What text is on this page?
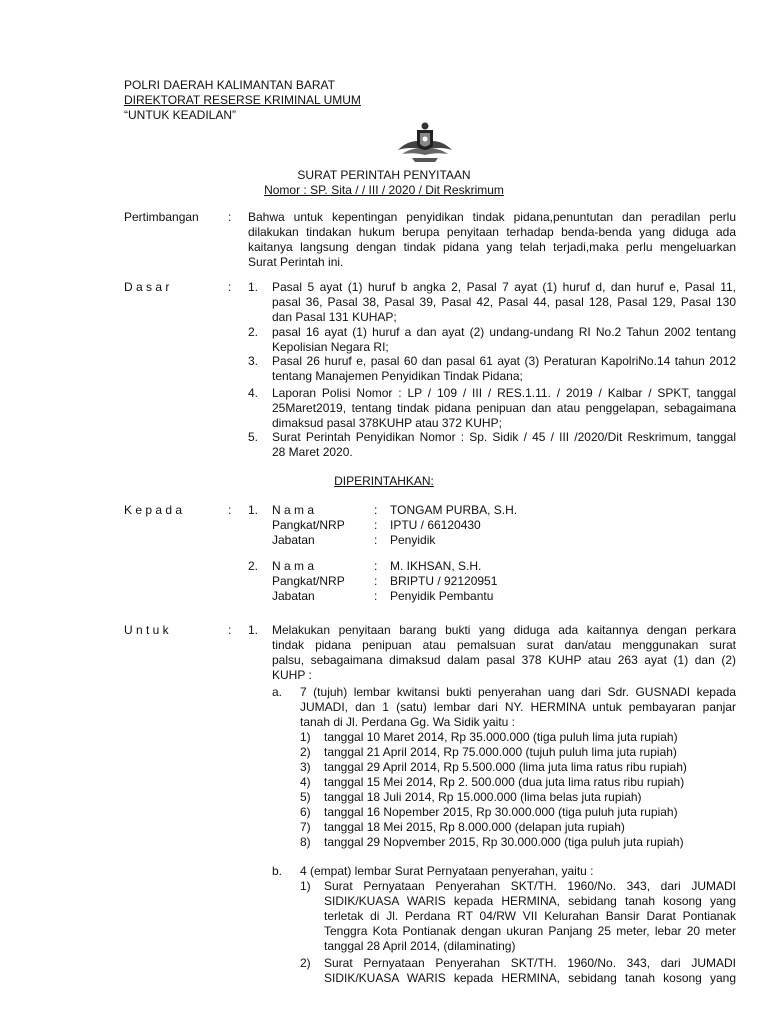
POLRI DAERAH KALIMANTAN BARAT
DIREKTORAT RESERSE KRIMINAL UMUM
“UNTUK KEADILAN”
SURAT PERINTAH PENYITAAN
Nomor : SP. Sita / / III / 2020 / Dit Reskrimum
Pertimbangan : Bahwa untuk kepentingan penyidikan tindak pidana,penuntutan dan peradilan perlu
dilakukan tindakan hukum berupa penyitaan terhadap benda-benda yang diduga ada
kaitanya langsung dengan tindak pidana yang telah terjadi,maka perlu mengeluarkan
Surat Perintah ini.
D a s a r	: 1. Pasal 5 ayat (1) huruf b angka 2, Pasal 7 ayat (1) huruf d, dan huruf e, Pasal 11,
pasal 36, Pasal 38, Pasal 39, Pasal 42, Pasal 44, pasal 128, Pasal 129, Pasal 130
dan Pasal 131 KUHAP;
2. pasal 16 ayat (1) huruf a dan ayat (2) undang-undang RI No.2 Tahun 2002 tentang
Kepolisian Negara RI;
3. Pasal 26 huruf e, pasal 60 dan pasal 61 ayat (3) Peraturan KapolriNo.14 tahun 2012
tentang Manajemen Penyidikan Tindak Pidana;
4. Laporan Polisi Nomor : LP / 109 / III / RES.1.11. / 2019 / Kalbar / SPKT, tanggal
25Maret2019, tentang tindak pidana penipuan dan atau penggelapan, sebagaimana
dimaksud pasal 378KUHP atau 372 KUHP;
5. Surat Perintah Penyidikan Nomor : Sp. Sidik / 45 / III /2020/Dit Reskrimum, tanggal
28 Maret 2020.
DIPERINTAHKAN:
K e p a d a	: 1. N a m a	: TONGAM PURBA, S.H.
Pangkat/NRP : IPTU / 66120430
Jabatan	: Penyidik
2. N a m a	: M. IKHSAN, S.H.
Pangkat/NRP : BRIPTU / 92120951
Jabatan	: Penyidik Pembantu
U n t u k	: 1. Melakukan penyitaan barang bukti yang diduga ada kaitannya dengan perkara
tindak pidana penipuan atau pemalsuan surat dan/atau menggunakan surat
palsu, sebagaimana dimaksud dalam pasal 378 KUHP atau 263 ayat (1) dan (2)
KUHP :
a. 7 (tujuh) lembar kwitansi bukti penyerahan uang dari Sdr. GUSNADI kepada
JUMADI, dan 1 (satu) lembar dari NY. HERMINA untuk pembayaran panjar
tanah di Jl. Perdana Gg. Wa Sidik yaitu :
1) tanggal 10 Maret 2014, Rp 35.000.000 (tiga puluh lima juta rupiah)
2) tanggal 21 April 2014, Rp 75.000.000 (tujuh puluh lima juta rupiah)
3) tanggal 29 April 2014, Rp 5.500.000 (lima juta lima ratus ribu rupiah)
4) tanggal 15 Mei 2014, Rp 2. 500.000 (dua juta lima ratus ribu rupiah)
5) tanggal 18 Juli 2014, Rp 15.000.000 (lima belas juta rupiah)
6) tanggal 16 Nopember 2015, Rp 30.000.000 (tiga puluh juta rupiah)
7) tanggal 18 Mei 2015, Rp 8.000.000 (delapan juta rupiah)
8) tanggal 29 Nopvember 2015, Rp 30.000.000 (tiga puluh juta rupiah)
b. 4 (empat) lembar Surat Pernyataan penyerahan, yaitu :
1) Surat Pernyataan Penyerahan SKT/TH. 1960/No. 343, dari JUMADI
SIDIK/KUASA WARIS kepada HERMINA, sebidang tanah kosong yang
terletak di Jl. Perdana RT 04/RW VII Kelurahan Bansir Darat Pontianak
Tenggra Kota Pontianak dengan ukuran Panjang 25 meter, lebar 20 meter
tanggal 28 April 2014, (dilaminating)
2) Surat Pernyataan Penyerahan SKT/TH. 1960/No. 343, dari JUMADI
SIDIK/KUASA WARIS kepada HERMINA, sebidang tanah kosong yang
